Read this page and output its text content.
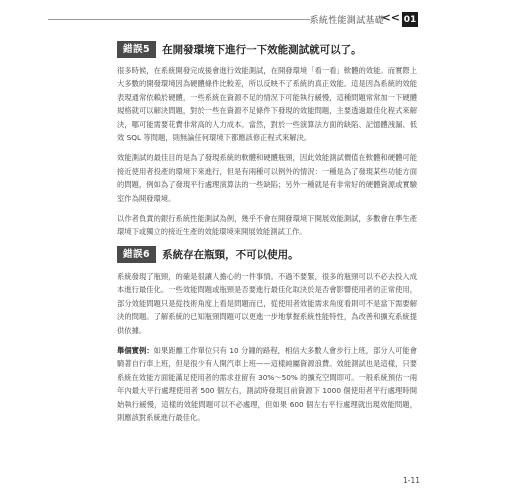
系統性能測試基礎
<< 01
錯誤5	在開發環境下進行一下效能測試就可以了。

很多時候，在系統開發完成後會進行效能測試，在開發環境「看一看」軟體的效能。而實際上大多數的開發環境因為硬體條件比較差，所以反映不了系統的真正效能。這是因為系統的效能表現通常依賴於硬體，一些系統在資源不足的情況下可能執行緩慢，這種問題常常加一下硬體規格就可以解決問題，對於一些在資源不足條件下發現的效能問題，主要透過最佳化程式來解決，哪可能需要花費非常高的人力成本。當然，對於一些演算法方面的缺陷、記憶體洩漏、低效 SQL 等問題，則無論任何環境下都應該修正程式來解決。

效能測試的最佳目的是為了發現系統的軟體和硬體瓶頸，因此效能測試價值在軟體和硬體可能接近使用者投產的環境下來進行，但是有兩種可以例外的情況：一種是為了發現某些功能方面的問題，例如為了發現平行處理演算法的一些缺陷；另外一種就是有非常好的硬體資源或實驗室作為開發環境。

以作者負責的銀行系統性能測試為例，幾乎不會在開發環境下開展效能測試，多數會在準生產環境下或獨立的接近生產的效能環境來開展效能測試工作。

錯誤6	系統存在瓶頸，不可以使用。

系統發現了瓶頸，的確是很讓人擔心的一件事情。不過不要緊，很多的瓶頸可以不必去投入成本進行最佳化。一些效能問題或瓶頸是否要進行最佳化取決於是否會影響使用者的正常使用，部分效能問題只是從技術角度上看是問題而已，從使用者效能需求角度看則可不是當下需要解決的問題。了解系統的已知瓶頸問題可以更進一步地掌握系統性能特性，為改善和擴充系統提供依據。

舉個實例：如果距離工作單位只有 10 分鐘的路程，相信大多數人會步行上班，部分人可能會騎著自行車上班，但是很少有人開汽車上班——這樣純屬資源浪費。效能測試也是這樣，只要系統在效能方面能滿足使用者的需求並留有 30%～50% 的擴充空間即可。一般系統預估一兩年內最大平行處理使用者 500 個左右，測試時發現目前資源下 1000 個使用者平行處理時開始執行緩慢，這樣的效能問題可以不必處理，但如果 600 個左右平行處理就出現效能問題，則應該對系統進行最佳化。

1-11
